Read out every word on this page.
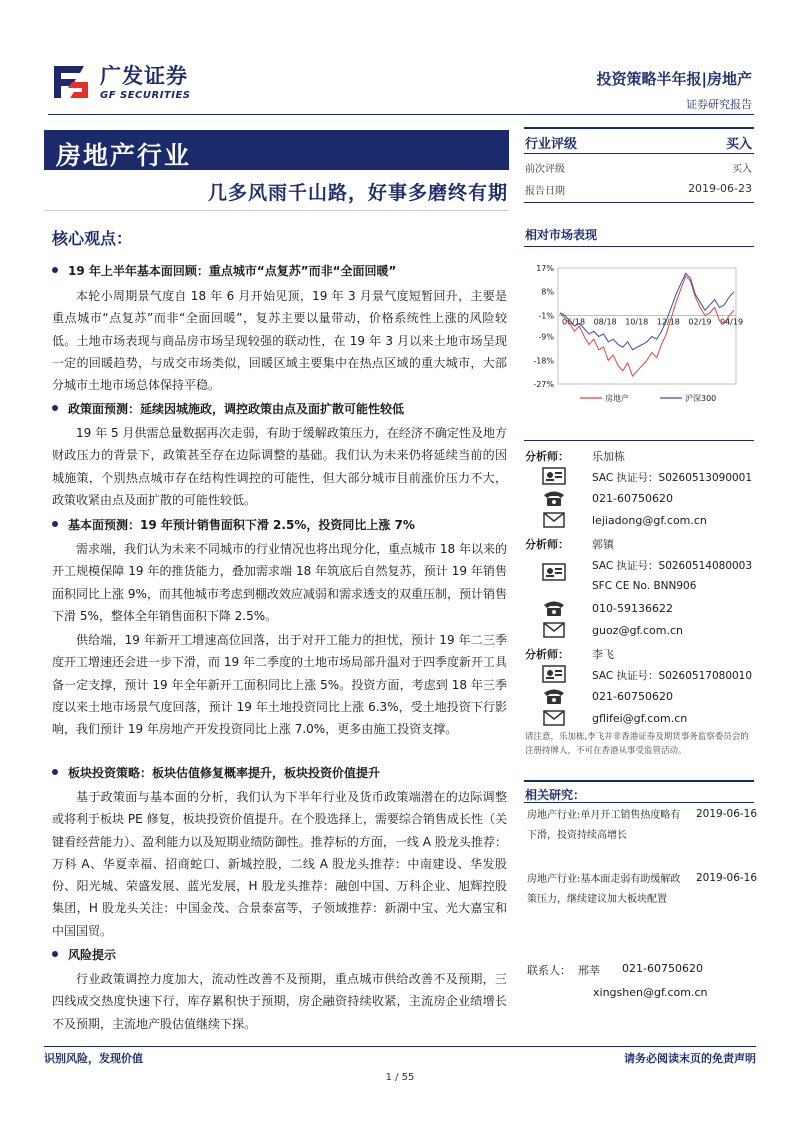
广发证券
GF SECURITIES
投资策略半年报|房地产
证券研究报告
房地产行业
几多风雨千山路，好事多磨终有期
核心观点：
19 年上半年基本面回顾：重点城市“点复苏”而非“全面回暖”
本轮小周期景气度自 18 年 6 月开始见顶，19 年 3 月景气度短暂回升，主要是重点城市“点复苏”而非“全面回暖”，复苏主要以量带动，价格系统性上涨的风险较低。土地市场表现与商品房市场呈现较强的联动性，在 19 年 3 月以来土地市场呈现一定的回暖趋势，与成交市场类似，回暖区域主要集中在热点区域的重大城市，大部分城市土地市场总体保持平稳。
政策面预测：延续因城施政，调控政策由点及面扩散可能性较低
19 年 5 月供需总量数据再次走弱，有助于缓解政策压力，在经济不确定性及地方财政压力的背景下，政策甚至存在边际调整的基础。我们认为未来仍将延续当前的因城施策，个别热点城市存在结构性调控的可能性，但大部分城市目前涨价压力不大，政策收紧由点及面扩散的可能性较低。
基本面预测：19 年预计销售面积下滑 2.5%，投资同比上涨 7%
需求端，我们认为未来不同城市的行业情况也将出现分化，重点城市 18 年以来的开工规模保障 19 年的推货能力，叠加需求端 18 年筑底后自然复苏，预计 19 年销售面积同比上涨 9%，而其他城市考虑到棚改效应减弱和需求透支的双重压制，预计销售下滑 5%，整体全年销售面积下降 2.5%。
供给端，19 年新开工增速高位回落，出于对开工能力的担忧，预计 19 年二三季度开工增速还会进一步下滑，而 19 年二季度的土地市场局部升温对于四季度新开工具备一定支撑，预计 19 年全年新开工面积同比上涨 5%。投资方面，考虑到 18 年三季度以来土地市场景气度回落，预计 19 年土地投资同比上涨 6.3%，受土地投资下行影响，我们预计 19 年房地产开发投资同比上涨 7.0%，更多由施工投资支撑。
板块投资策略：板块估值修复概率提升，板块投资价值提升
基于政策面与基本面的分析，我们认为下半年行业及货币政策端潜在的边际调整或将利于板块 PE 修复，板块投资价值提升。在个股选择上，需要综合销售成长性（关键看经营能力）、盈利能力以及短期业绩防御性。推荐标的方面，一线 A 股龙头推荐：万科 A、华夏幸福、招商蛇口、新城控股，二线 A 股龙头推荐：中南建设、华发股份、阳光城、荣盛发展、蓝光发展，H 股龙头推荐：融创中国、万科企业、旭辉控股集团，H 股龙头关注：中国金茂、合景泰富等，子领域推荐：新湖中宝、光大嘉宝和中国国贸。
风险提示
行业政策调控力度加大，流动性改善不及预期，重点城市供给改善不及预期，三四线成交热度快速下行，库存累积快于预期，房企融资持续收紧，主流房企业绩增长不及预期，主流地产股估值继续下探。
行业评级	买入
前次评级	买入
报告日期	2019-06-23
相对市场表现
17%
8%
-1%
-9%
-18%
-27%
06/18 08/18 10/18 12/18 02/19 04/19
房地产	沪深300
分析师： 乐加栋
SAC 执证号：S0260513090001
021-60750620
lejiadong@gf.com.cn
分析师： 郭镇
SAC 执证号：S0260514080003
SFC CE No. BNN906
010-59136622
guoz@gf.com.cn
分析师： 李飞
SAC 执证号：S0260517080010
021-60750620
gflifei@gf.com.cn
请注意，乐加栋,李飞并非香港证券及期货事务监察委员会的注册持牌人，不可在香港从事受监管活动。
相关研究：
房地产行业:单月开工销售热度略有下滑，投资持续高增长
2019-06-16
房地产行业:基本面走弱有助缓解政策压力，继续建议加大板块配置
2019-06-16
联系人： 邢莘 021-60750620
xingshen@gf.com.cn
识别风险，发现价值	请务必阅读末页的免责声明
1 / 55
